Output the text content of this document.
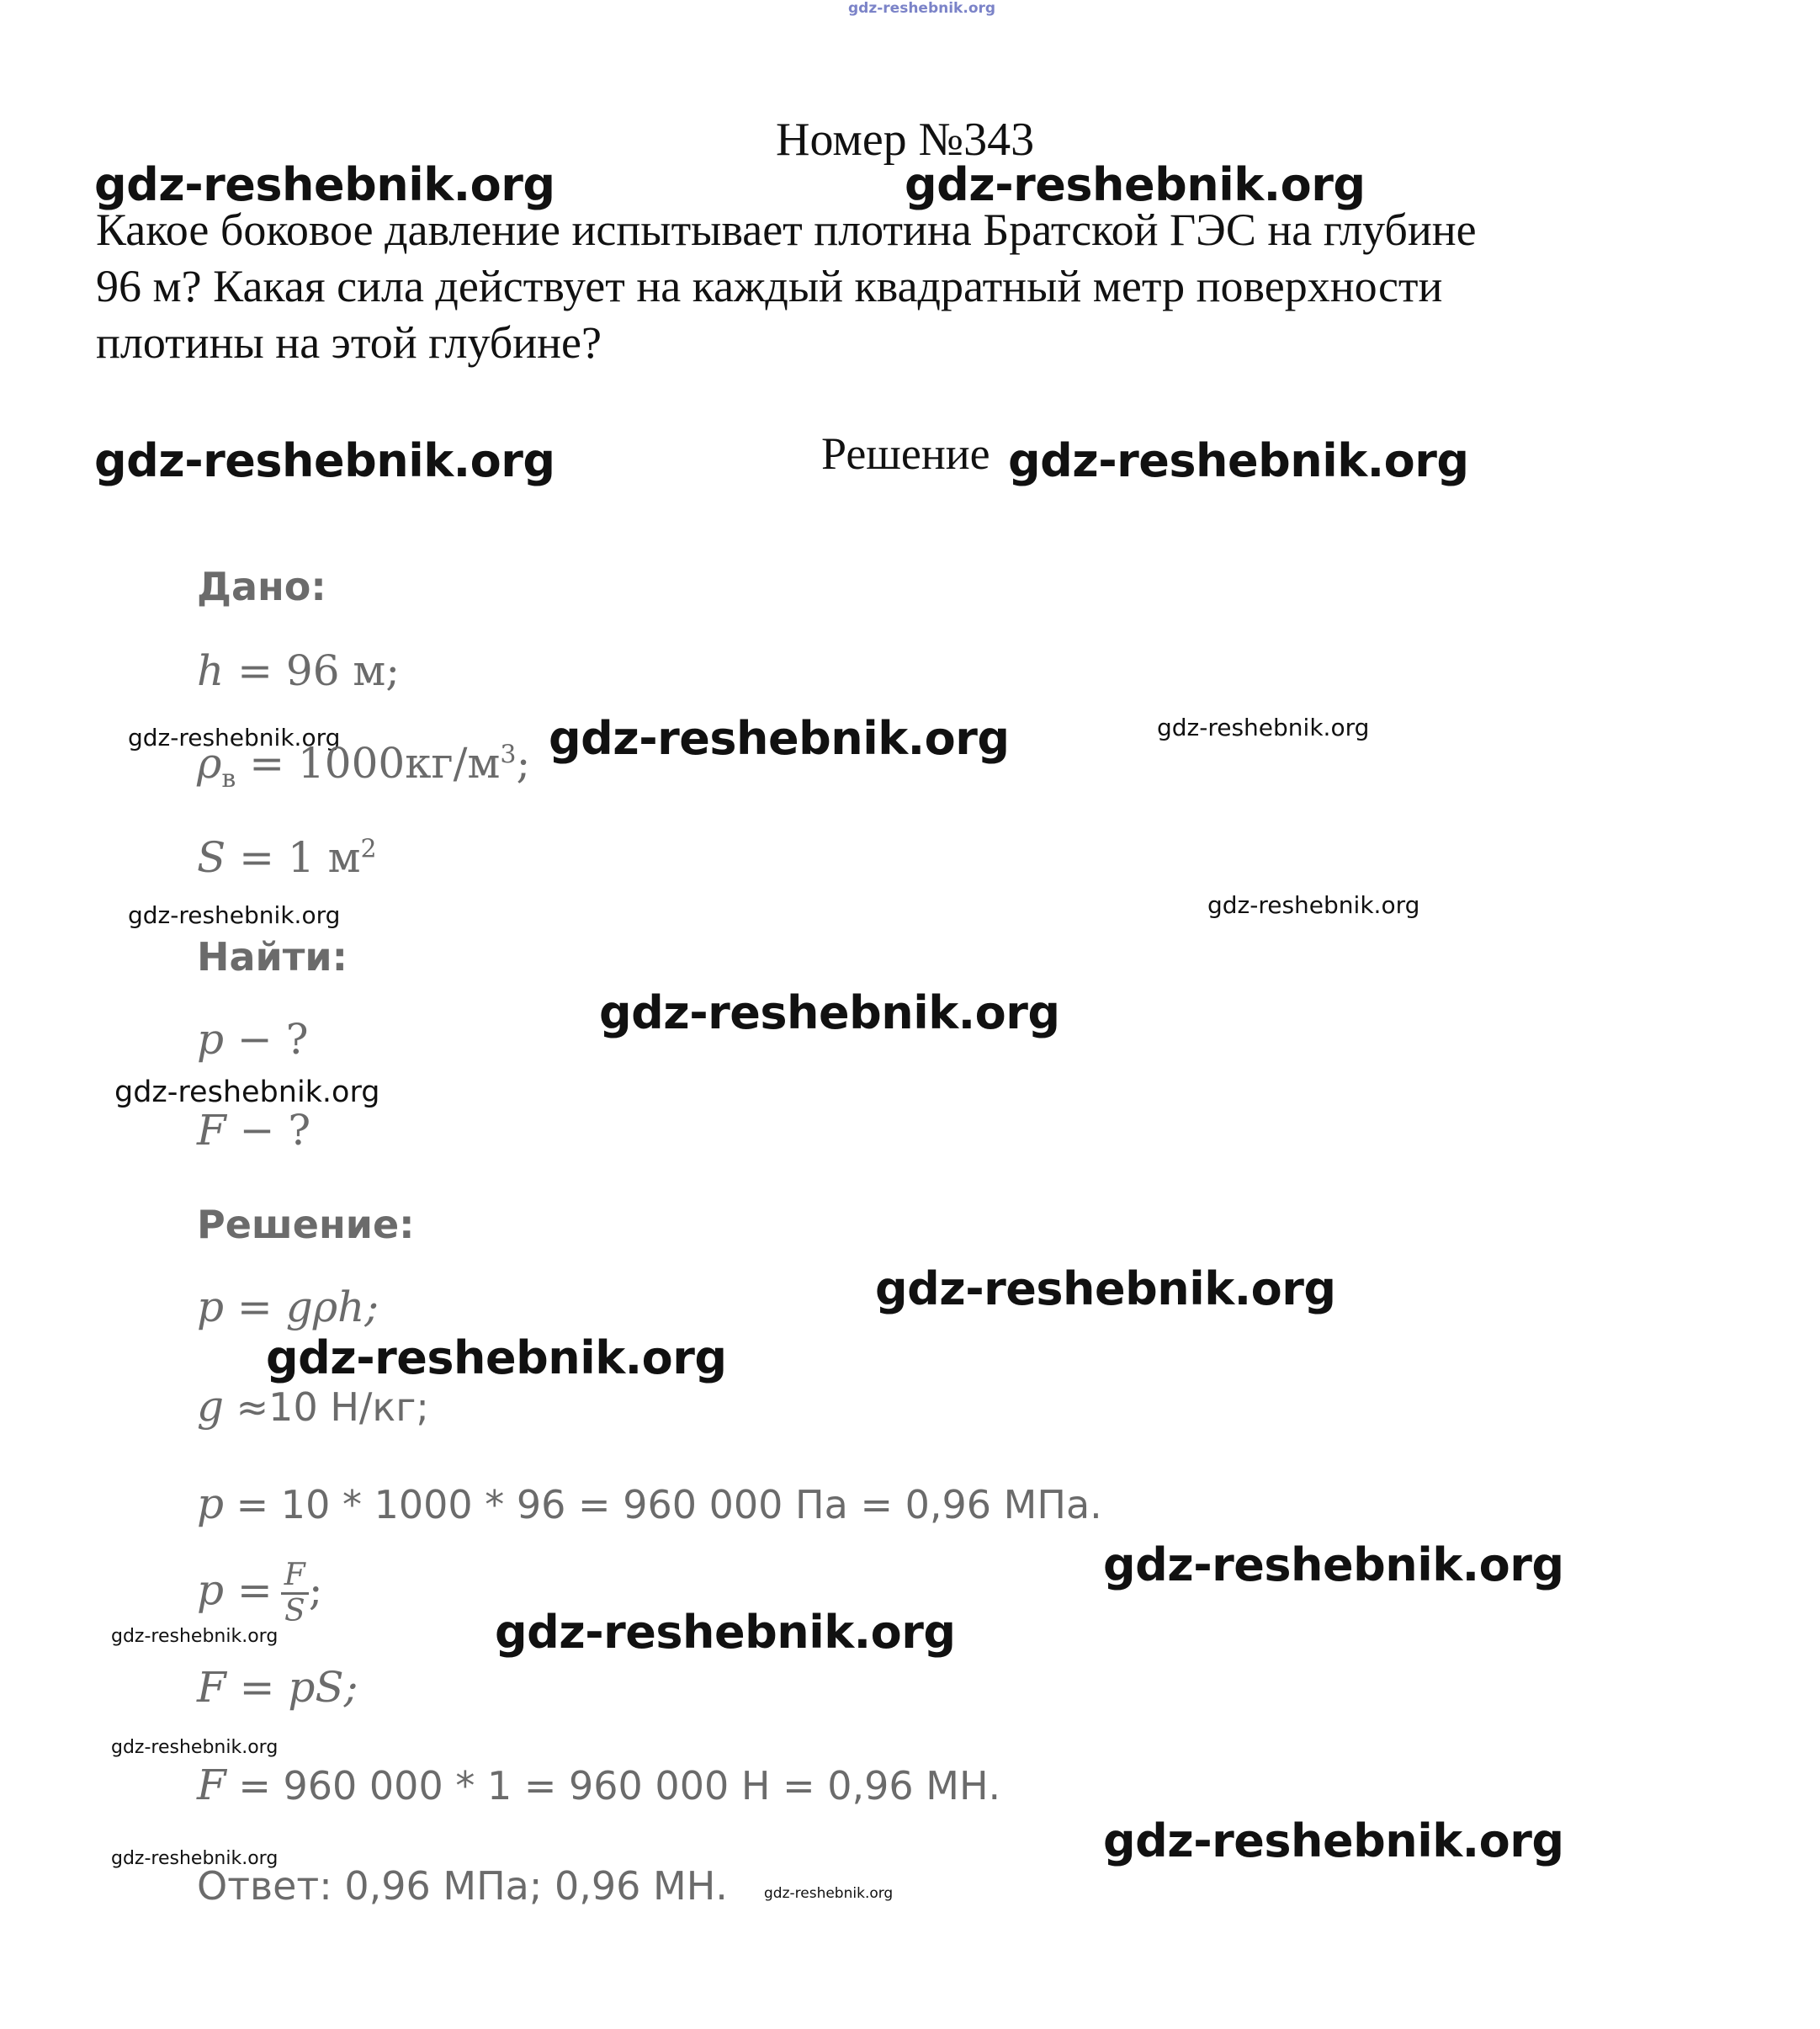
gdz-reshebnik.org
gdz-reshebnik.org	gdz-reshebnik.org
gdz-reshebnik.org	gdz-reshebnik.org
gdz-reshebnik.org	gdz-reshebnik.org	gdz-reshebnik.org
gdz-reshebnik.org	gdz-reshebnik.org
gdz-reshebnik.org
gdz-reshebnik.org
gdz-reshebnik.org
gdz-reshebnik.org
gdz-reshebnik.org
gdz-reshebnik.org	gdz-reshebnik.org
gdz-reshebnik.org
gdz-reshebnik.org	gdz-reshebnik.org
gdz-reshebnik.org
Номер №343
Какое боковое давление испытывает плотина Братской ГЭС на глубине 96 м? Какая сила действует на каждый квадратный метр поверхности плотины на этой глубине?
Решение
Дано:
h = 96 м;
$\rho_в = 1000кг/м^3$;
S = 1 $м^2$
Найти:
p − ?
F − ?
Решение:
p = gρh;
g ≈10 Н/кг;
p = 10 * 1000 * 96 = 960 000 Па = 0,96 МПа.
$p = \frac{F}{S}$ ;
F = pS;
F = 960 000 * 1 = 960 000 Н = 0,96 МН.
Ответ: 0,96 МПа; 0,96 МН.
